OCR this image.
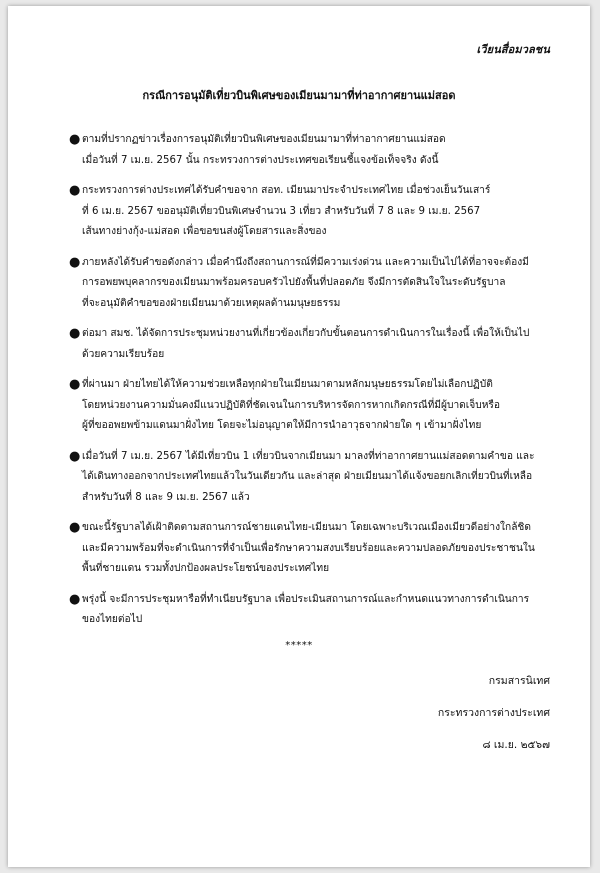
เวียนสื่อมวลชน
กรณีการอนุมัติเที่ยวบินพิเศษของเมียนมามาที่ท่าอากาศยานแม่สอด
● ตามที่ปรากฏข่าวเรื่องการอนุมัติเที่ยวบินพิเศษของเมียนมามาที่ท่าอากาศยานแม่สอด
เมื่อวันที่ 7 เม.ย. 2567 นั้น กระทรวงการต่างประเทศขอเรียนชี้แจงข้อเท็จจริง ดังนี้
● กระทรวงการต่างประเทศได้รับคำขอจาก สอท. เมียนมาประจำประเทศไทย เมื่อช่วงเย็นวันเสาร์
ที่ 6 เม.ย. 2567 ขออนุมัติเที่ยวบินพิเศษจำนวน 3 เที่ยว สำหรับวันที่ 7 8 และ 9 เม.ย. 2567
เส้นทางย่างกุ้ง-แม่สอด เพื่อขอขนส่งผู้โดยสารและสิ่งของ
● ภายหลังได้รับคำขอดังกล่าว เมื่อคำนึงถึงสถานการณ์ที่มีความเร่งด่วน และความเป็นไปได้ที่อาจจะต้องมี
การอพยพบุคลากรของเมียนมาพร้อมครอบครัวไปยังพื้นที่ปลอดภัย จึงมีการตัดสินใจในระดับรัฐบาล
ที่จะอนุมัติคำขอของฝ่ายเมียนมาด้วยเหตุผลด้านมนุษยธรรม
● ต่อมา สมช. ได้จัดการประชุมหน่วยงานที่เกี่ยวข้องเกี่ยวกับขั้นตอนการดำเนินการในเรื่องนี้ เพื่อให้เป็นไป
ด้วยความเรียบร้อย
● ที่ผ่านมา ฝ่ายไทยได้ให้ความช่วยเหลือทุกฝ่ายในเมียนมาตามหลักมนุษยธรรมโดยไม่เลือกปฏิบัติ
โดยหน่วยงานความมั่นคงมีแนวปฏิบัติที่ชัดเจนในการบริหารจัดการหากเกิดกรณีที่มีผู้บาดเจ็บหรือ
ผู้ที่ขออพยพข้ามแดนมาฝั่งไทย โดยจะไม่อนุญาตให้มีการนำอาวุธจากฝ่ายใด ๆ เข้ามาฝั่งไทย
● เมื่อวันที่ 7 เม.ย. 2567 ได้มีเที่ยวบิน 1 เที่ยวบินจากเมียนมา มาลงที่ท่าอากาศยานแม่สอดตามคำขอ และ
ได้เดินทางออกจากประเทศไทยแล้วในวันเดียวกัน และล่าสุด ฝ่ายเมียนมาได้แจ้งขอยกเลิกเที่ยวบินที่เหลือ
สำหรับวันที่ 8 และ 9 เม.ย. 2567 แล้ว
● ขณะนี้รัฐบาลได้เฝ้าติดตามสถานการณ์ชายแดนไทย-เมียนมา โดยเฉพาะบริเวณเมืองเมียวดีอย่างใกล้ชิด
และมีความพร้อมที่จะดำเนินการที่จำเป็นเพื่อรักษาความสงบเรียบร้อยและความปลอดภัยของประชาชนใน
พื้นที่ชายแดน รวมทั้งปกป้องผลประโยชน์ของประเทศไทย
● พรุ่งนี้ จะมีการประชุมหารือที่ทำเนียบรัฐบาล เพื่อประเมินสถานการณ์และกำหนดแนวทางการดำเนินการ
ของไทยต่อไป
*****
กรมสารนิเทศ
กระทรวงการต่างประเทศ
๘ เม.ย. ๒๕๖๗
